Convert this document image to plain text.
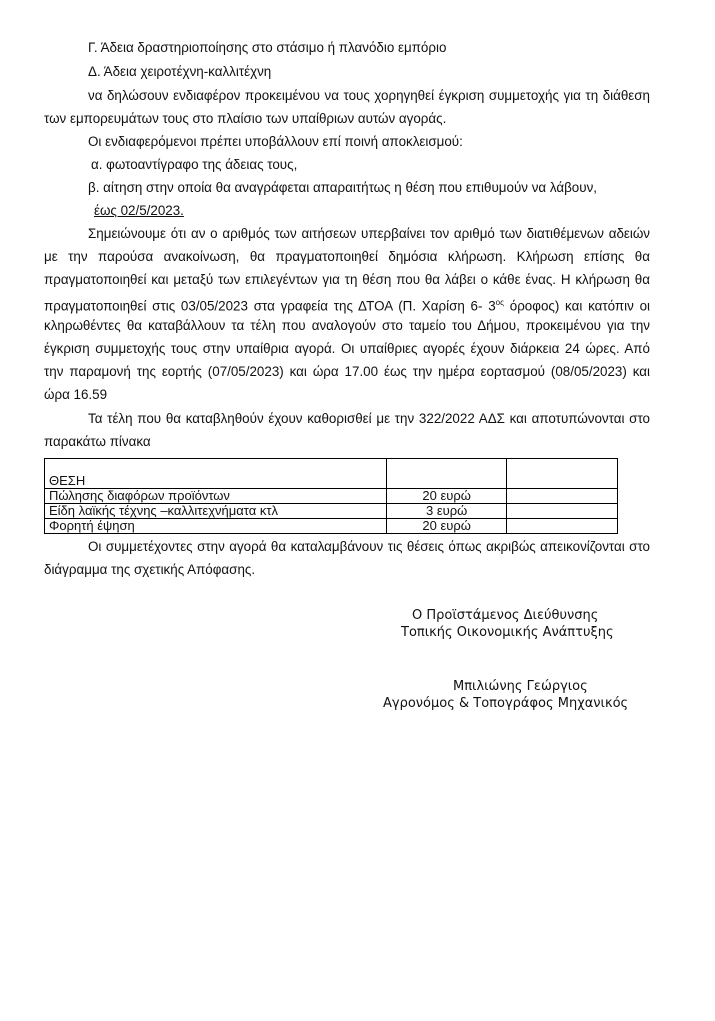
Γ. Άδεια δραστηριοποίησης στο στάσιμο ή πλανόδιο εμπόριο
Δ. Άδεια χειροτέχνη-καλλιτέχνη
να δηλώσουν ενδιαφέρον προκειμένου να τους χορηγηθεί έγκριση συμμετοχής για τη διάθεση
των εμπορευμάτων τους στο πλαίσιο των υπαίθριων αυτών αγοράς.
Οι ενδιαφερόμενοι πρέπει υποβάλλουν επί ποινή αποκλεισμού:
α. φωτοαντίγραφο της άδειας τους,
β. αίτηση στην οποία θα αναγράφεται απαραιτήτως η θέση που επιθυμούν να λάβουν,
έως 02/5/2023.
Σημειώνουμε ότι αν ο αριθμός των αιτήσεων υπερβαίνει τον αριθμό των διατιθέμενων αδειών
με την παρούσα ανακοίνωση, θα πραγματοποιηθεί δημόσια κλήρωση. Κλήρωση επίσης θα
πραγματοποιηθεί και μεταξύ των επιλεγέντων για τη θέση που θα λάβει ο κάθε ένας. Η κλήρωση θα
πραγματοποιηθεί στις 03/05/2023 στα γραφεία της ΔΤΟΑ (Π. Χαρίση 6- $3^{o\varsigma}$ όροφος) και κατόπιν οι
κληρωθέντες θα καταβάλλουν τα τέλη που αναλογούν στο ταμείο του Δήμου, προκειμένου για την
έγκριση συμμετοχής τους στην υπαίθρια αγορά. Οι υπαίθριες αγορές έχουν διάρκεια 24 ώρες. Από
την παραμονή της εορτής (07/05/2023) και ώρα 17.00 έως την ημέρα εορτασμού (08/05/2023) και
ώρα 16.59
Τα τέλη που θα καταβληθούν έχουν καθορισθεί με την 322/2022 ΑΔΣ και αποτυπώνονται στο
παρακάτω πίνακα
ΘΕΣΗ		
Πώλησης διαφόρων προϊόντων	20 ευρώ	
Είδη λαϊκής τέχνης –καλλιτεχνήματα κτλ	3 ευρώ	
Φορητή έψηση	20 ευρώ	
Οι συμμετέχοντες στην αγορά θα καταλαμβάνουν τις θέσεις όπως ακριβώς απεικονίζονται στο
διάγραμμα της σχετικής Απόφασης.
Ο Προϊστάμενος Διεύθυνσης
Τοπικής Οικονομικής Ανάπτυξης
Μπιλιώνης Γεώργιος
Αγρονόμος & Τοπογράφος Μηχανικός
